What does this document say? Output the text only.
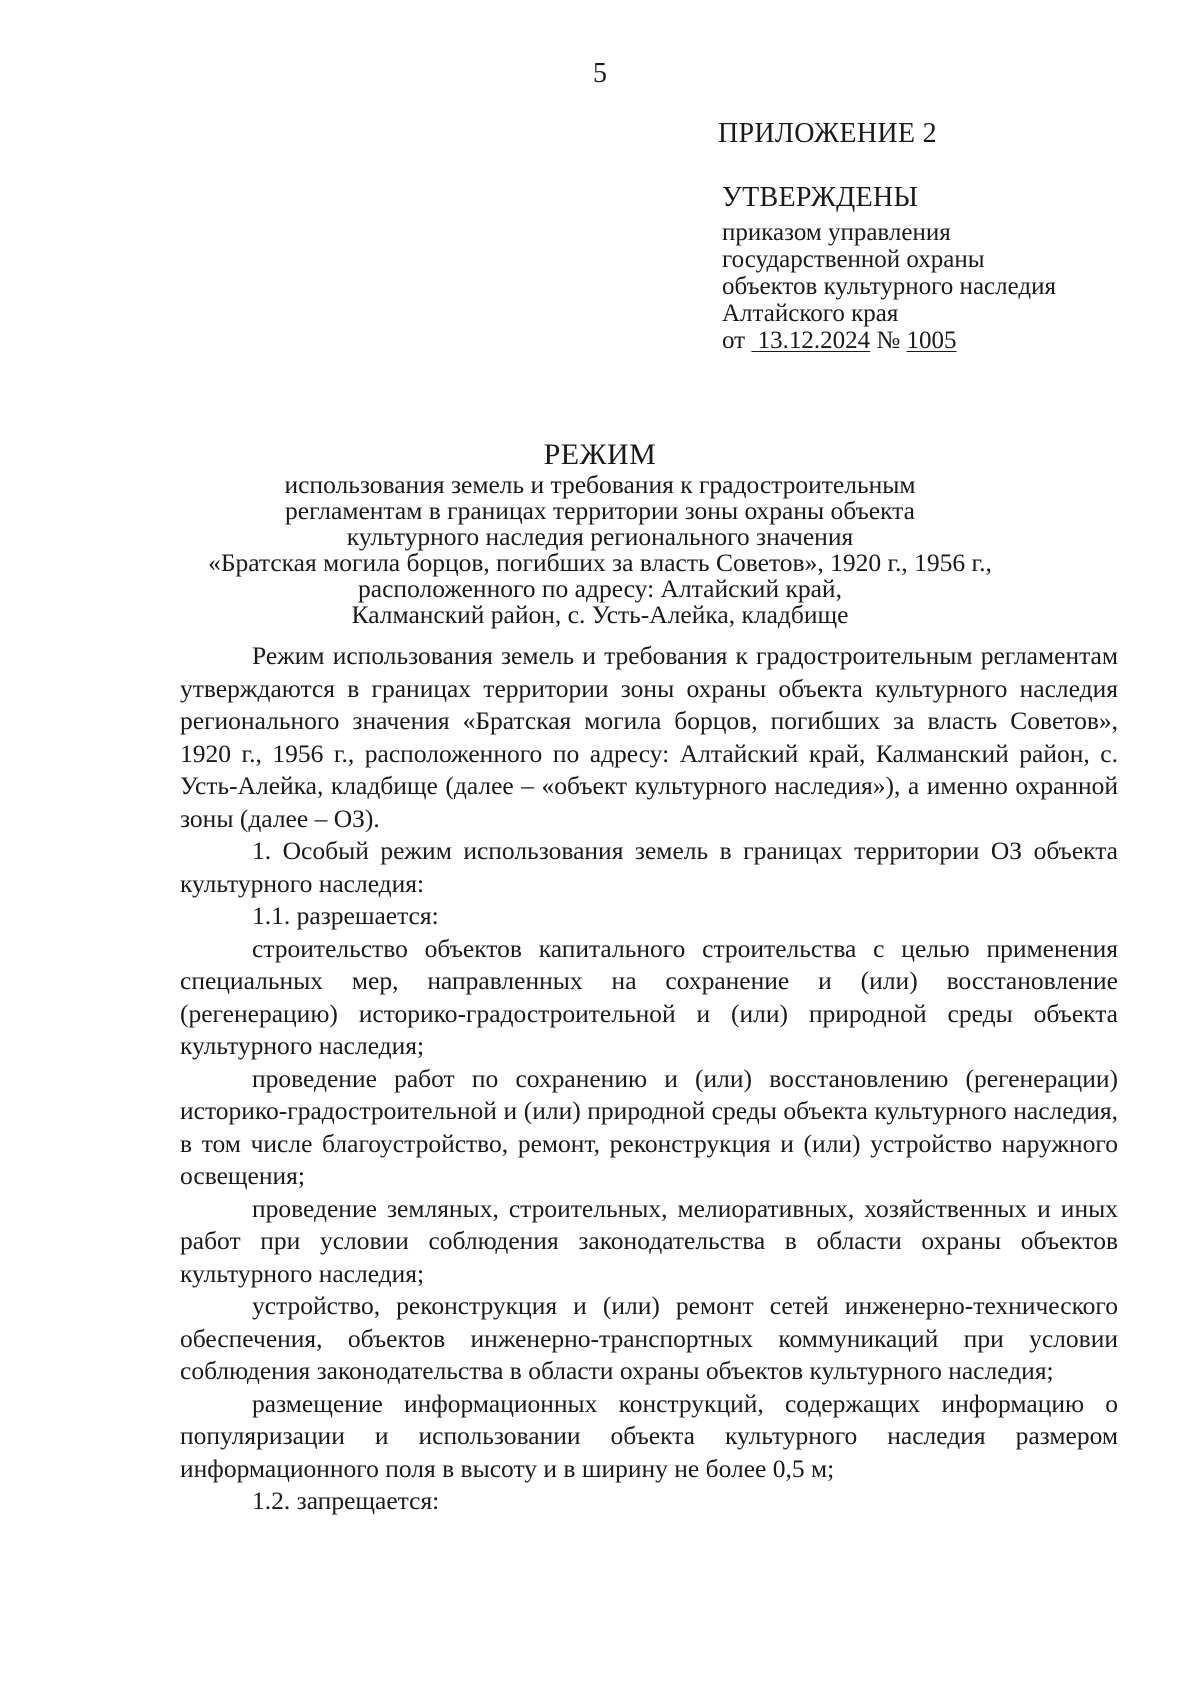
5
ПРИЛОЖЕНИЕ 2
УТВЕРЖДЕНЫ
приказом управления
государственной охраны
объектов культурного наследия
Алтайского края
от 13.12.2024 № 1005
РЕЖИМ
использования земель и требования к градостроительным
регламентам в границах территории зоны охраны объекта
культурного наследия регионального значения
«Братская могила борцов, погибших за власть Советов», 1920 г., 1956 г.,
расположенного по адресу: Алтайский край,
Калманский район, с. Усть-Алейка, кладбище

Режим использования земель и требования к градостроительным регламентам утверждаются в границах территории зоны охраны объекта культурного наследия регионального значения «Братская могила борцов, погибших за власть Советов», 1920 г., 1956 г., расположенного по адресу: Алтайский край, Калманский район, с. Усть-Алейка, кладбище (далее – «объект культурного наследия»), а именно охранной зоны (далее – ОЗ).

1. Особый режим использования земель в границах территории ОЗ объекта культурного наследия:

1.1. разрешается:

строительство объектов капитального строительства с целью применения специальных мер, направленных на сохранение и (или) восстановление (регенерацию) историко-градостроительной и (или) природной среды объекта культурного наследия;

проведение работ по сохранению и (или) восстановлению (регенерации) историко-градостроительной и (или) природной среды объекта культурного наследия, в том числе благоустройство, ремонт, реконструкция и (или) устройство наружного освещения;

проведение земляных, строительных, мелиоративных, хозяйственных и иных работ при условии соблюдения законодательства в области охраны объектов культурного наследия;

устройство, реконструкция и (или) ремонт сетей инженерно-технического обеспечения, объектов инженерно-транспортных коммуникаций при условии соблюдения законодательства в области охраны объектов культурного наследия;

размещение информационных конструкций, содержащих информацию о популяризации и использовании объекта культурного наследия размером информационного поля в высоту и в ширину не более 0,5 м;

1.2. запрещается:
